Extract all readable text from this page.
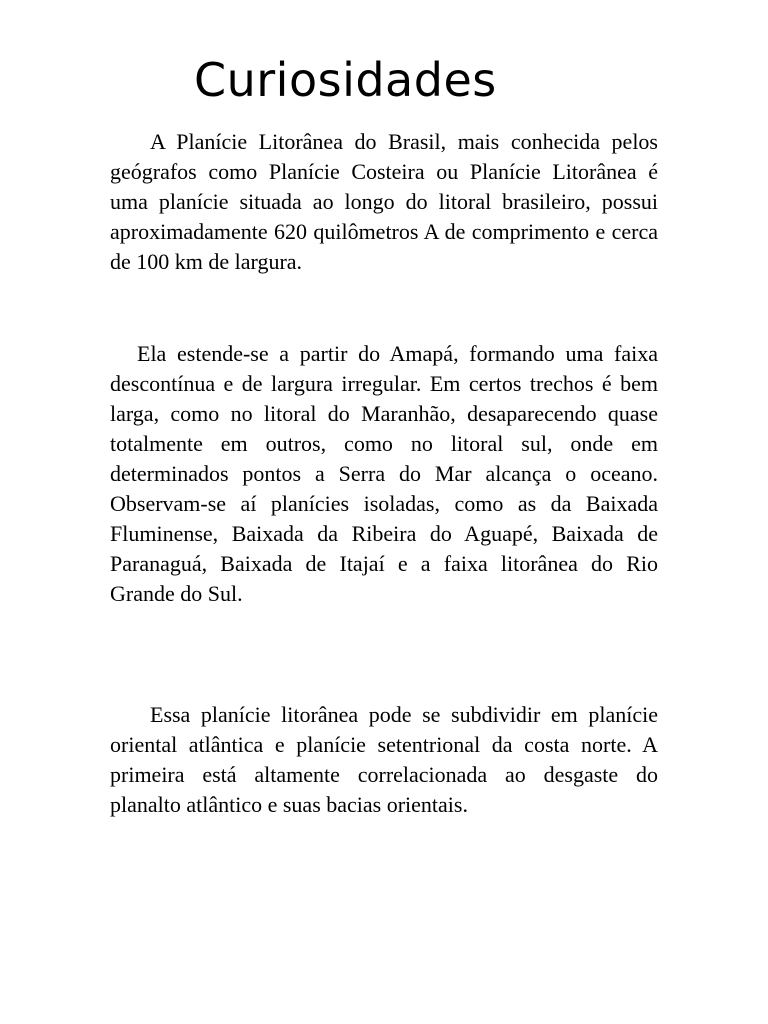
Curiosidades

A Planície Litorânea do Brasil, mais conhecida pelos geógrafos como Planície Costeira ou Planície Litorânea é uma planície situada ao longo do litoral brasileiro, possui aproximadamente 620 quilômetros A de comprimento e cerca de 100 km de largura.

Ela estende-se a partir do Amapá, formando uma faixa descontínua e de largura irregular. Em certos trechos é bem larga, como no litoral do Maranhão, desaparecendo quase totalmente em outros, como no litoral sul, onde em determinados pontos a Serra do Mar alcança o oceano. Observam-se aí planícies isoladas, como as da Baixada Fluminense, Baixada da Ribeira do Aguapé, Baixada de Paranaguá, Baixada de Itajaí e a faixa litorânea do Rio Grande do Sul.

Essa planície litorânea pode se subdividir em planície oriental atlântica e planície setentrional da costa norte. A primeira está altamente correlacionada ao desgaste do planalto atlântico e suas bacias orientais.
